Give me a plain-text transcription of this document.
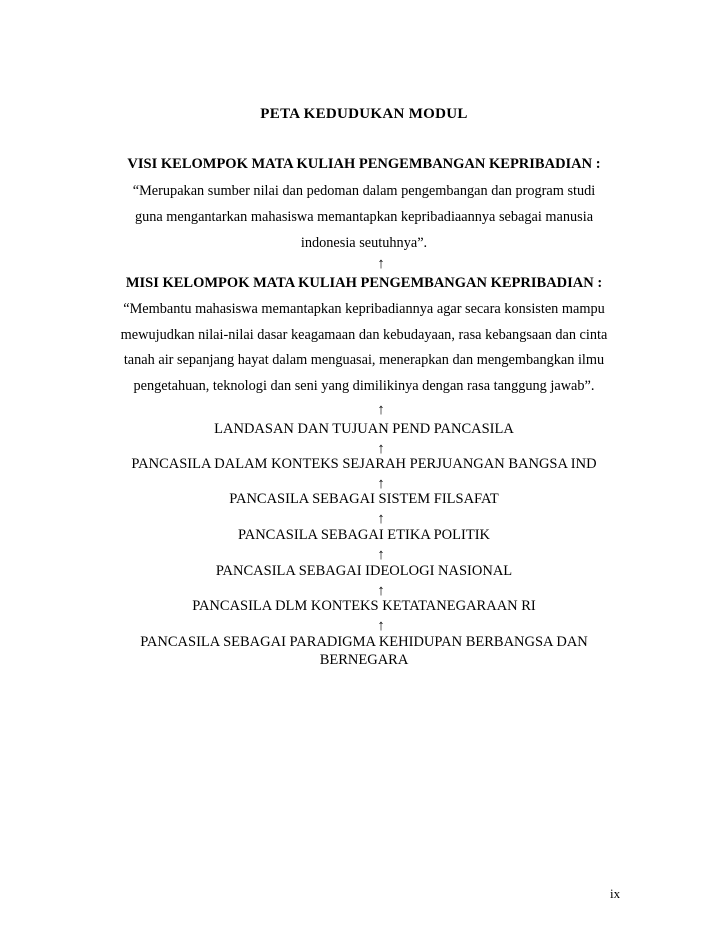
PETA KEDUDUKAN MODUL
VISI KELOMPOK MATA KULIAH PENGEMBANGAN KEPRIBADIAN :
“Merupakan sumber nilai dan pedoman dalam pengembangan dan program studi
guna mengantarkan mahasiswa memantapkan kepribadiaannya sebagai manusia
indonesia seutuhnya”.
↑
MISI KELOMPOK MATA KULIAH PENGEMBANGAN KEPRIBADIAN :
“Membantu mahasiswa memantapkan kepribadiannya agar secara konsisten mampu
mewujudkan nilai-nilai dasar keagamaan dan kebudayaan, rasa kebangsaan dan cinta
tanah air sepanjang hayat dalam menguasai, menerapkan dan mengembangkan ilmu
pengetahuan, teknologi dan seni yang dimilikinya dengan rasa tanggung jawab”.
↑
LANDASAN DAN TUJUAN PEND PANCASILA
↑
PANCASILA DALAM KONTEKS SEJARAH PERJUANGAN BANGSA IND
↑
PANCASILA SEBAGAI SISTEM FILSAFAT
↑
PANCASILA SEBAGAI ETIKA POLITIK
↑
PANCASILA SEBAGAI IDEOLOGI NASIONAL
↑
PANCASILA DLM KONTEKS KETATANEGARAAN RI
↑
PANCASILA SEBAGAI PARADIGMA KEHIDUPAN BERBANGSA DAN
BERNEGARA
ix
